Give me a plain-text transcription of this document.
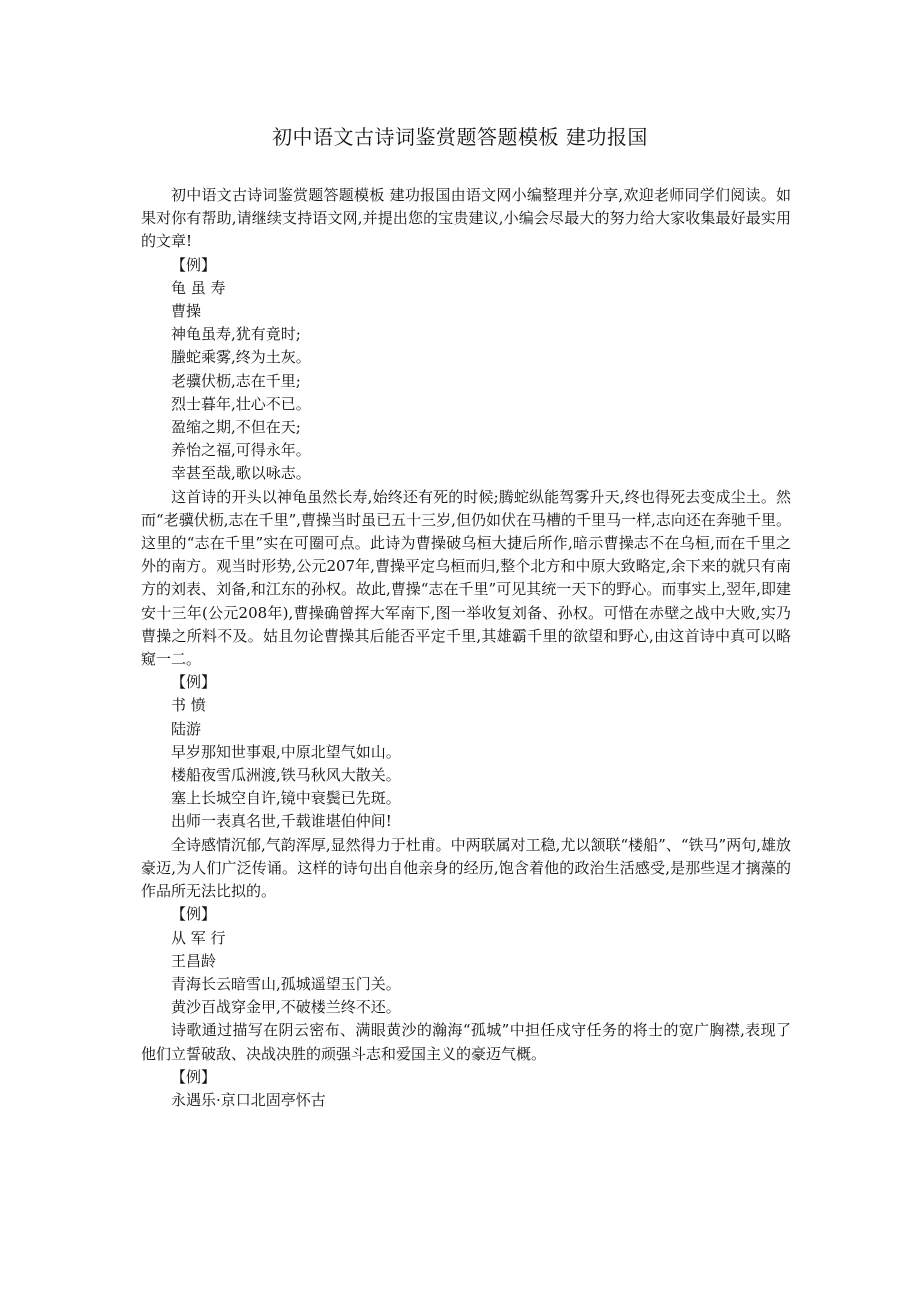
初中语文古诗词鉴赏题答题模板 建功报国

初中语文古诗词鉴赏题答题模板 建功报国由语文网小编整理并分享,欢迎老师同学们阅读。如果对你有帮助,请继续支持语文网,并提出您的宝贵建议,小编会尽最大的努力给大家收集最好最实用的文章!

【例】
龟 虽 寿
曹操
神龟虽寿,犹有竟时;
螣蛇乘雾,终为土灰。
老骥伏枥,志在千里;
烈士暮年,壮心不已。
盈缩之期,不但在天;
养怡之福,可得永年。
幸甚至哉,歌以咏志。

这首诗的开头以神龟虽然长寿,始终还有死的时候;腾蛇纵能驾雾升天,终也得死去变成尘土。然而“老骥伏枥,志在千里”,曹操当时虽已五十三岁,但仍如伏在马槽的千里马一样,志向还在奔驰千里。这里的“志在千里”实在可圈可点。此诗为曹操破乌桓大捷后所作,暗示曹操志不在乌桓,而在千里之外的南方。观当时形势,公元207年,曹操平定乌桓而归,整个北方和中原大致略定,余下来的就只有南方的刘表、刘备,和江东的孙权。故此,曹操“志在千里”可见其统一天下的野心。而事实上,翌年,即建安十三年(公元208年),曹操确曾挥大军南下,图一举收复刘备、孙权。可惜在赤壁之战中大败,实乃曹操之所料不及。姑且勿论曹操其后能否平定千里,其雄霸千里的欲望和野心,由这首诗中真可以略窥一二。

【例】
书 愤
陆游
早岁那知世事艰,中原北望气如山。
楼船夜雪瓜洲渡,铁马秋风大散关。
塞上长城空自许,镜中衰鬓已先斑。
出师一表真名世,千载谁堪伯仲间!

全诗感情沉郁,气韵浑厚,显然得力于杜甫。中两联属对工稳,尤以颔联“楼船”、“铁马”两句,雄放豪迈,为人们广泛传诵。这样的诗句出自他亲身的经历,饱含着他的政治生活感受,是那些逞才摛藻的作品所无法比拟的。

【例】
从 军 行
王昌龄
青海长云暗雪山,孤城遥望玉门关。
黄沙百战穿金甲,不破楼兰终不还。

诗歌通过描写在阴云密布、满眼黄沙的瀚海“孤城”中担任戍守任务的将士的宽广胸襟,表现了他们立誓破敌、决战决胜的顽强斗志和爱国主义的豪迈气概。

【例】
永遇乐·京口北固亭怀古
